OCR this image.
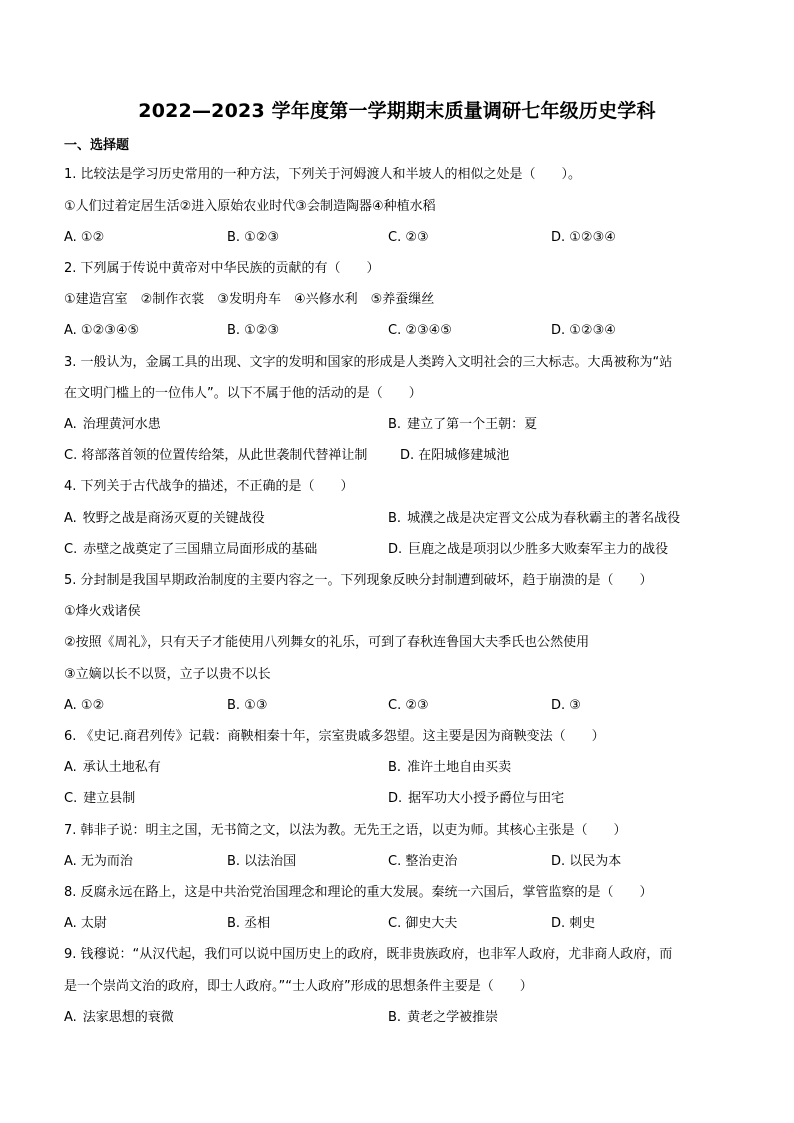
2022—2023 学年度第一学期期末质量调研七年级历史学科
一、选择题
1. 比较法是学习历史常用的一种方法，下列关于河姆渡人和半坡人的相似之处是（　　）。
①人们过着定居生活②进入原始农业时代③会制造陶器④种植水稻
A. ①②	B. ①②③	C. ②③	D. ①②③④
2. 下列属于传说中黄帝对中华民族的贡献的有（　　）
①建造宫室　②制作衣裳　③发明舟车　④兴修水利　⑤养蚕缫丝
A. ①②③④⑤	B. ①②③	C. ②③④⑤	D. ①②③④
3. 一般认为，金属工具的出现、文字的发明和国家的形成是人类跨入文明社会的三大标志。大禹被称为“站
在文明门槛上的一位伟人”。以下不属于他的活动的是（　　）
A. 治理黄河水患	B. 建立了第一个王朝：夏
C. 将部落首领的位置传给桀，从此世袭制代替禅让制	D. 在阳城修建城池
4. 下列关于古代战争的描述，不正确的是（　　）
A. 牧野之战是商汤灭夏的关键战役	B. 城濮之战是决定晋文公成为春秋霸主的著名战役
C. 赤壁之战奠定了三国鼎立局面形成的基础	D. 巨鹿之战是项羽以少胜多大败秦军主力的战役
5. 分封制是我国早期政治制度的主要内容之一。下列现象反映分封制遭到破坏，趋于崩溃的是（　　）
①烽火戏诸侯
②按照《周礼》，只有天子才能使用八列舞女的礼乐，可到了春秋连鲁国大夫季氏也公然使用
③立嫡以长不以贤，立子以贵不以长
A. ①②	B. ①③	C. ②③	D. ③
6. 《史记.商君列传》记载：商鞅相秦十年，宗室贵戚多怨望。这主要是因为商鞅变法（　　）
A. 承认土地私有	B. 准许土地自由买卖
C. 建立县制	D. 据军功大小授予爵位与田宅
7. 韩非子说：明主之国，无书简之文，以法为教。无先王之语，以吏为师。其核心主张是（　　）
A. 无为而治	B. 以法治国	C. 整治吏治	D. 以民为本
8. 反腐永远在路上，这是中共治党治国理念和理论的重大发展。秦统一六国后，掌管监察的是（　　）
A. 太尉	B. 丞相	C. 御史大夫	D. 刺史
9. 钱穆说：“从汉代起，我们可以说中国历史上的政府，既非贵族政府，也非军人政府，尤非商人政府，而
是一个崇尚文治的政府，即士人政府。”“士人政府”形成的思想条件主要是（　　）
A. 法家思想的衰微	B. 黄老之学被推崇
